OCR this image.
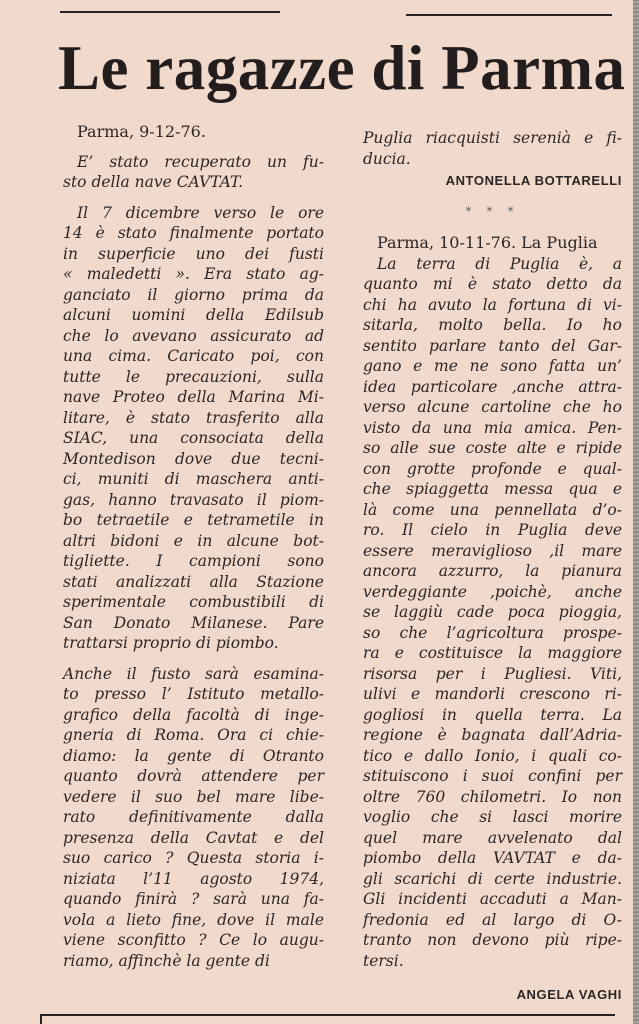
Le ragazze di Parma
Parma, 9-12-76.
E’ stato recuperato un fu-
sto della nave CAVTAT.
Il 7 dicembre verso le ore
14 è stato finalmente portato
in superficie uno dei fusti
« maledetti ». Era stato ag-
ganciato il giorno prima da
alcuni uomini della Edilsub
che lo avevano assicurato ad
una cima. Caricato poi, con
tutte le precauzioni, sulla
nave Proteo della Marina Mi-
litare, è stato trasferito alla
SIAC, una consociata della
Montedison dove due tecni-
ci, muniti di maschera anti-
gas, hanno travasato il piom-
bo tetraetile e tetrametile in
altri bidoni e in alcune bot-
tigliette. I campioni sono
stati analizzati alla Stazione
sperimentale combustibili di
San Donato Milanese. Pare
trattarsi proprio di piombo.
Anche il fusto sarà esamina-
to presso l’ Istituto metallo-
grafico della facoltà di inge-
gneria di Roma. Ora ci chie-
diamo: la gente di Otranto
quanto dovrà attendere per
vedere il suo bel mare libe-
rato definitivamente dalla
presenza della Cavtat e del
suo carico ? Questa storia i-
niziata l’11 agosto 1974,
quando finirà ? sarà una fa-
vola a lieto fine, dove il male
viene sconfitto ? Ce lo augu-
riamo, affinchè la gente di
Puglia riacquisti serenià e fi-
ducia.
ANTONELLA BOTTARELLI
* * *
Parma, 10-11-76. La Puglia
La terra di Puglia è, a
quanto mi è stato detto da
chi ha avuto la fortuna di vi-
sitarla, molto bella. Io ho
sentito parlare tanto del Gar-
gano e me ne sono fatta un’
idea particolare ,anche attra-
verso alcune cartoline che ho
visto da una mia amica. Pen-
so alle sue coste alte e ripide
con grotte profonde e qual-
che spiaggetta messa qua e
là come una pennellata d’o-
ro. Il cielo in Puglia deve
essere meraviglioso ,il mare
ancora azzurro, la pianura
verdeggiante ,poichè, anche
se laggiù cade poca pioggia,
so che l’agricoltura prospe-
ra e costituisce la maggiore
risorsa per i Pugliesi. Viti,
ulivi e mandorli crescono ri-
gogliosi in quella terra. La
regione è bagnata dall’Adria-
tico e dallo Ionio, i quali co-
stituiscono i suoi confini per
oltre 760 chilometri. Io non
voglio che si lasci morire
quel mare avvelenato dal
piombo della VAVTAT e da-
gli scarichi di certe industrie.
Gli incidenti accaduti a Man-
fredonia ed al largo di O-
tranto non devono più ripe-
tersi.
ANGELA VAGHI
